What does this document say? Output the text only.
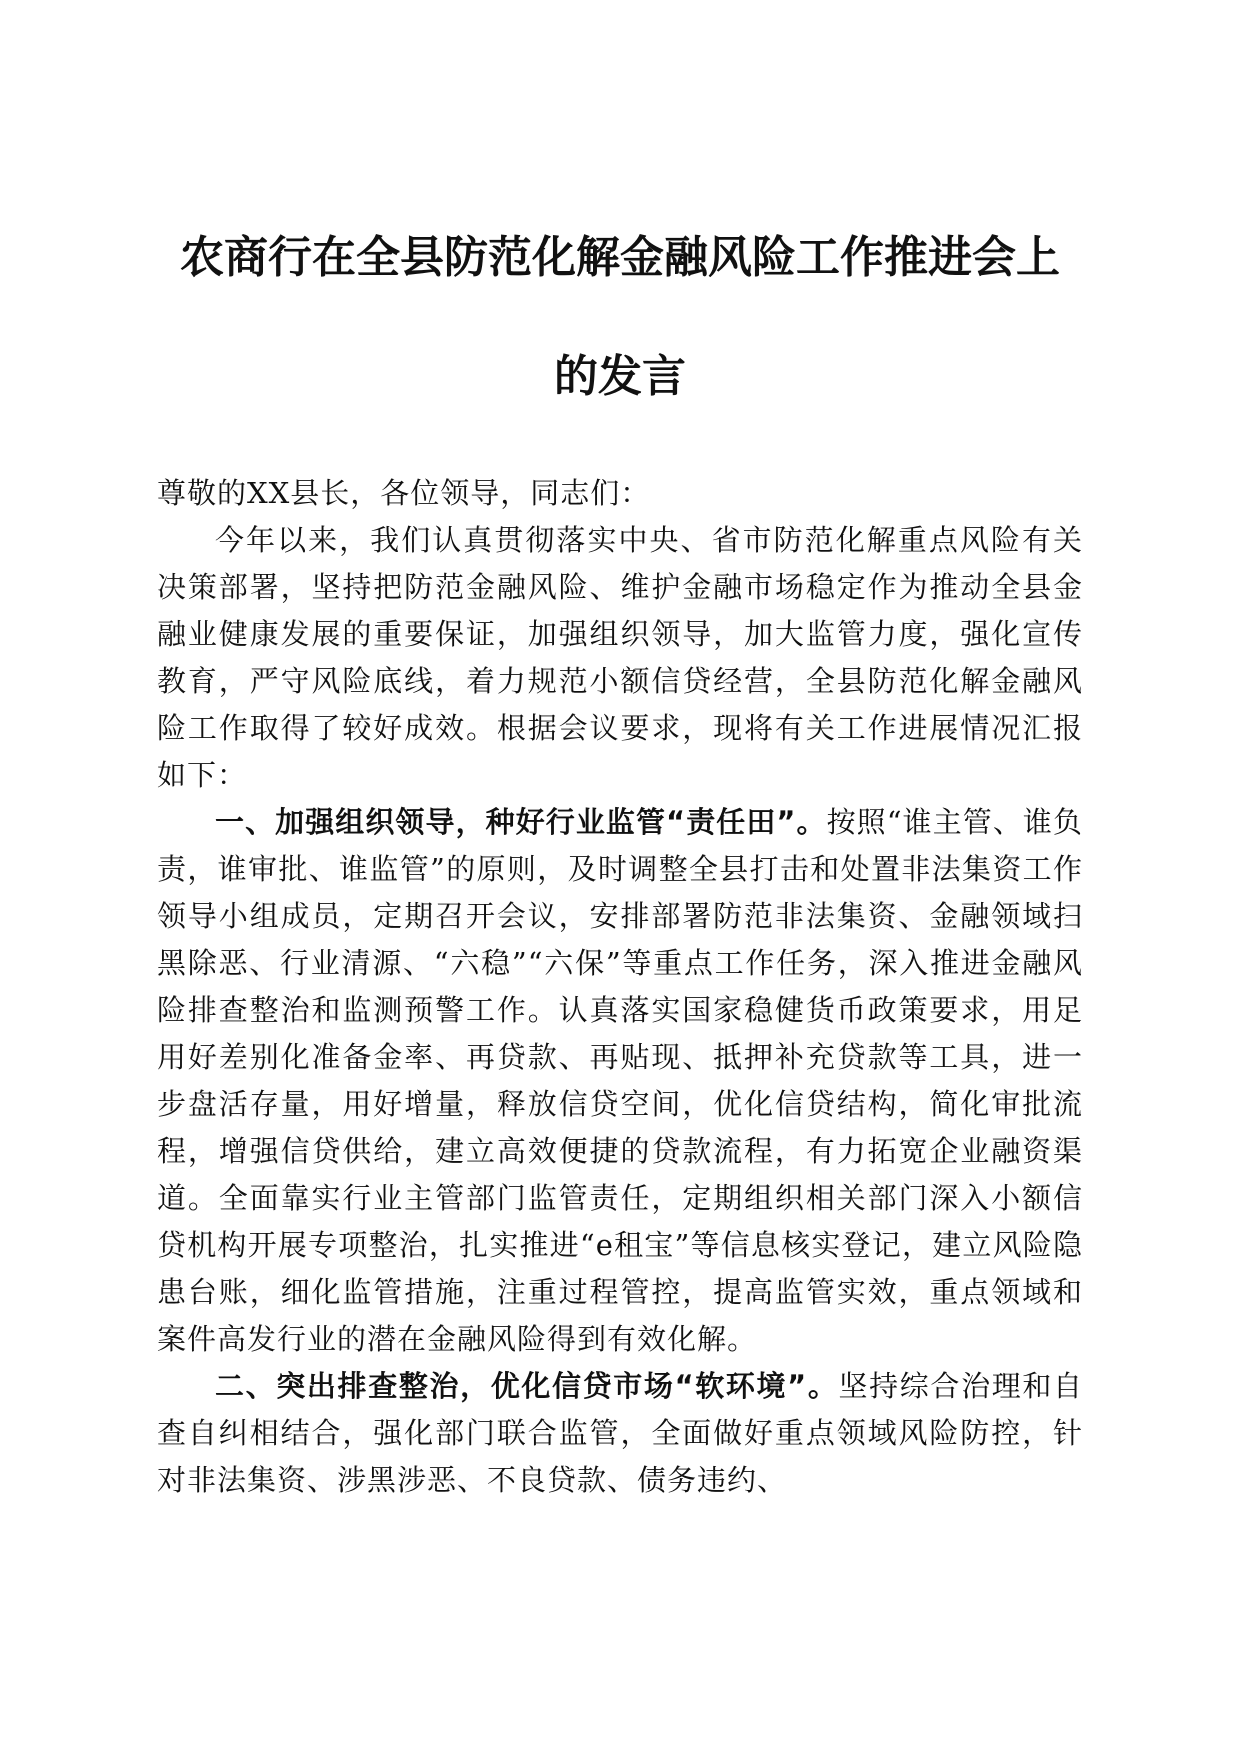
农商行在全县防范化解金融风险工作推进会上
的发言

尊敬的XX县长，各位领导，同志们：

今年以来，我们认真贯彻落实中央、省市防范化解重点风险有关决策部署，坚持把防范金融风险、维护金融市场稳定作为推动全县金融业健康发展的重要保证，加强组织领导，加大监管力度，强化宣传教育，严守风险底线，着力规范小额信贷经营，全县防范化解金融风险工作取得了较好成效。根据会议要求，现将有关工作进展情况汇报如下：

一、加强组织领导，种好行业监管“责任田”。按照“谁主管、谁负责，谁审批、谁监管”的原则，及时调整全县打击和处置非法集资工作领导小组成员，定期召开会议，安排部署防范非法集资、金融领域扫黑除恶、行业清源、“六稳”“六保”等重点工作任务，深入推进金融风险排查整治和监测预警工作。认真落实国家稳健货币政策要求，用足用好差别化准备金率、再贷款、再贴现、抵押补充贷款等工具，进一步盘活存量，用好增量，释放信贷空间，优化信贷结构，简化审批流程，增强信贷供给，建立高效便捷的贷款流程，有力拓宽企业融资渠道。全面靠实行业主管部门监管责任，定期组织相关部门深入小额信贷机构开展专项整治，扎实推进“e租宝”等信息核实登记，建立风险隐患台账，细化监管措施，注重过程管控，提高监管实效，重点领域和案件高发行业的潜在金融风险得到有效化解。

二、突出排查整治，优化信贷市场“软环境”。坚持综合治理和自查自纠相结合，强化部门联合监管，全面做好重点领域风险防控，针对非法集资、涉黑涉恶、不良贷款、债务违约、
